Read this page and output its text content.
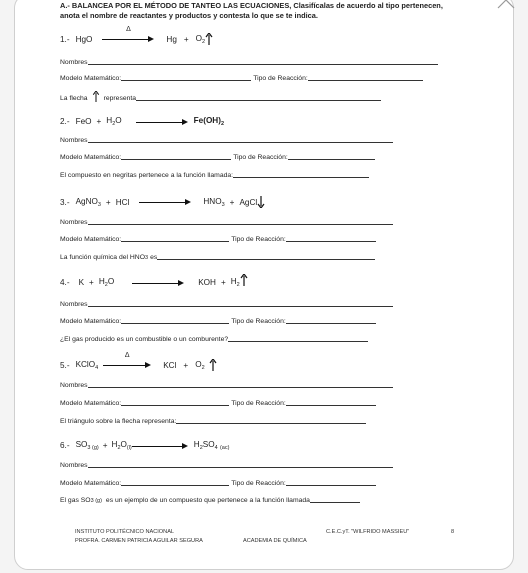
A.- BALANCEA POR EL MÉTODO DE TANTEO LAS ECUACIONES, Clasifícalas de acuerdo al tipo pertenecen, anota el nombre de reactantes y productos y contesta lo que se te indica.
1.- HgO
Δ
$Hg + O_2$
Nombres
Modelo Matemático:	Tipo de Reacción:
La flecha representa
2.- FeO + $H_2O$	$Fe(OH)_2$
Nombres
Modelo Matemático:	Tipo de Reacción:
El compuesto en negritas pertenece a la función llamada:
3.- AgNO$_3$ + HCl	$HNO_3$ + AgCl
Nombres
Modelo Matemático:	Tipo de Reacción:
La función química del HNO 3 es
4.- $K + H_2O$	KOH + $H_2$
Nombres
Modelo Matemático:	Tipo de Reacción:
¿El gas producido es un combustible o un comburente?
5.- KClO$_4$
Δ
KCl + $O_2$
Nombres
Modelo Matemático:	Tipo de Reacción:
El triángulo sobre la flecha representa:
6.- $SO_{3 (g)} + H_2O_{(l)}$	$H_2SO_4$ $_{(ac)}$
Nombres
Modelo Matemático:	Tipo de Reacción:
El gas SO 3 (g) es un ejemplo de un compuesto que pertenece a la función llamada
INSTITUTO POLITÉCNICO NACIONAL
PROFRA. CARMEN PATRICIA AGUILAR SEGURA	ACADEMIA DE QUÍMICA
C.E.C.yT. "WILFRIDO MASSIEU"	8
